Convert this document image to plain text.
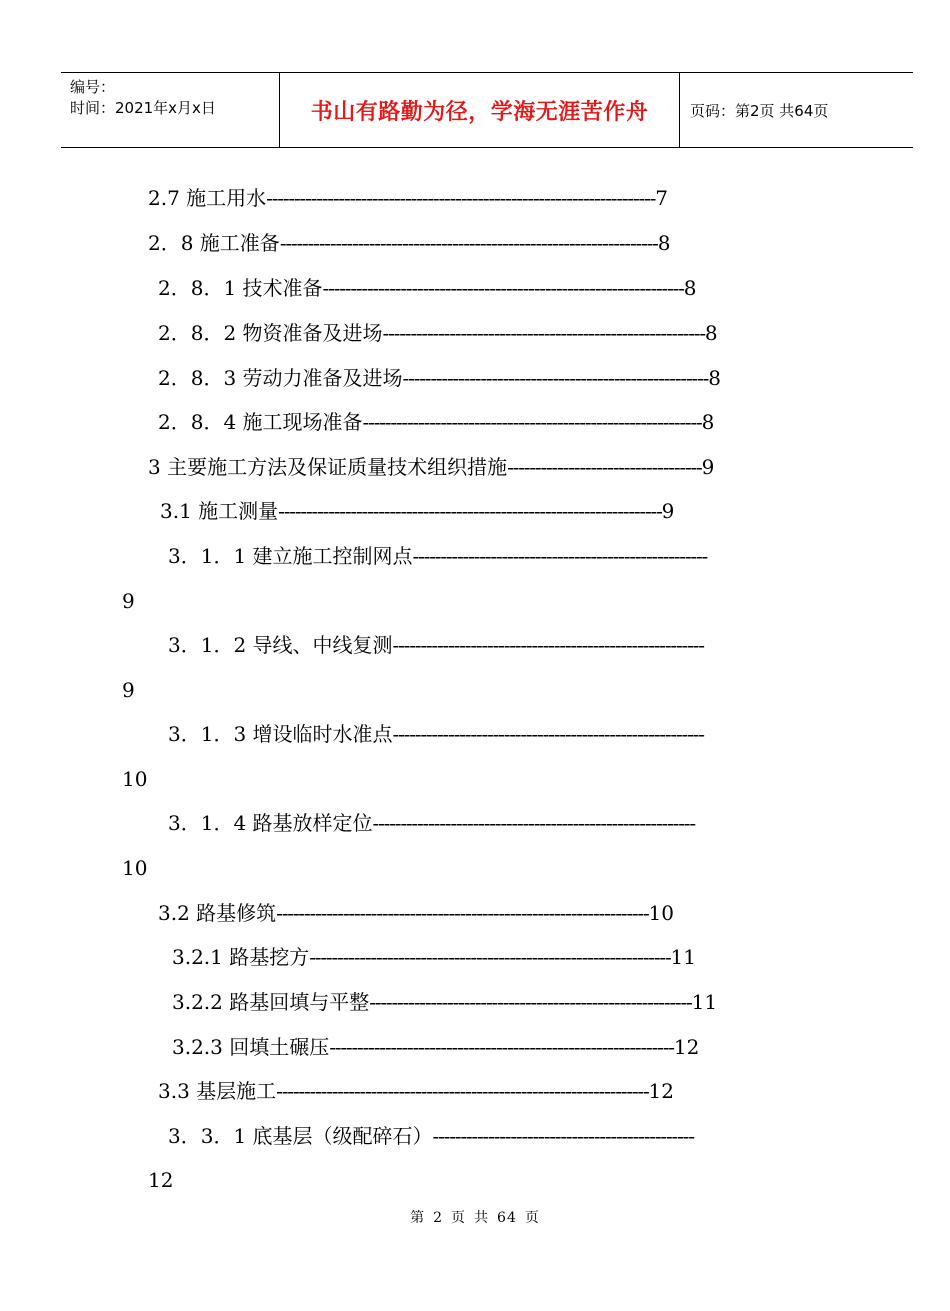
编号：
时间：2021年x月x日	书山有路勤为径，学海无涯苦作舟	页码：第2页 共64页
2.7 施工用水----------------------------------------------------------------------7
2．8 施工准备--------------------------------------------------------------------8
2．8．1 技术准备-----------------------------------------------------------------8
2．8．2 物资准备及进场----------------------------------------------------------8
2．8．3 劳动力准备及进场-------------------------------------------------------8
2．8．4 施工现场准备-------------------------------------------------------------8
3 主要施工方法及保证质量技术组织措施-----------------------------------9
3.1 施工测量---------------------------------------------------------------------9
3．1．1 建立施工控制网点-----------------------------------------------------
9
3．1．2 导线、中线复测--------------------------------------------------------
9
3．1．3 增设临时水准点--------------------------------------------------------
10
3．1．4 路基放样定位----------------------------------------------------------
10
3.2 路基修筑-------------------------------------------------------------------10
3.2.1 路基挖方-----------------------------------------------------------------11
3.2.2 路基回填与平整----------------------------------------------------------11
3.2.3 回填土碾压--------------------------------------------------------------12
3.3 基层施工-------------------------------------------------------------------12
3．3．1 底基层（级配碎石）-----------------------------------------------
12
第 2 页 共 64 页
